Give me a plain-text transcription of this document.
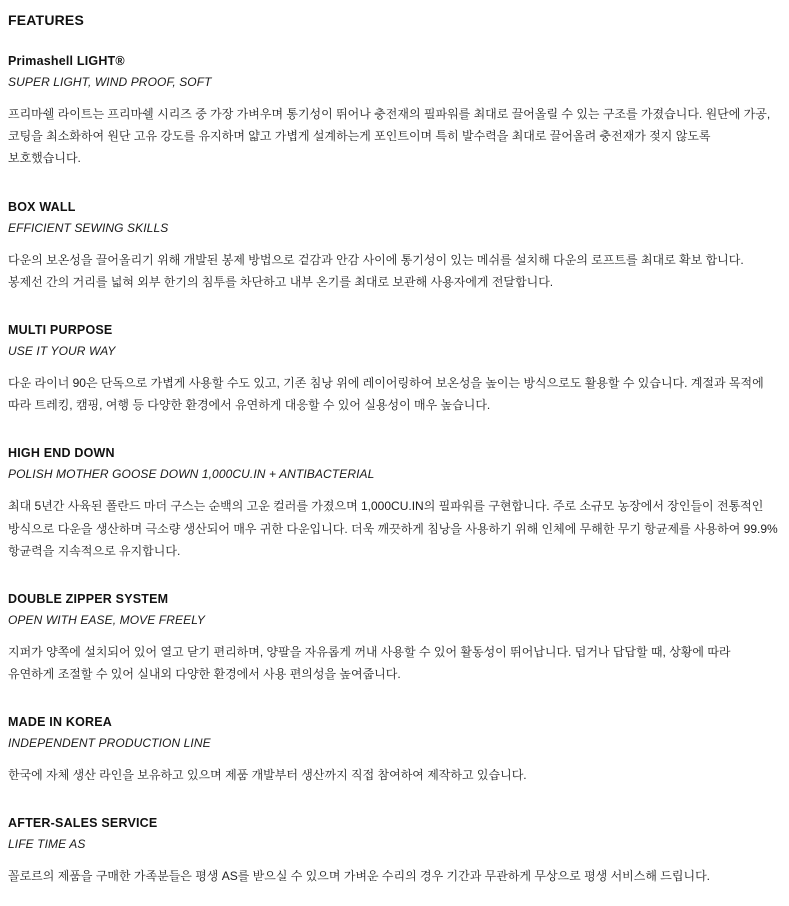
FEATURES
Primashell LIGHT®
SUPER LIGHT, WIND PROOF, SOFT

프리마쉘 라이트는 프리마쉘 시리즈 중 가장 가벼우며 통기성이 뛰어나 충전재의 필파워를 최대로 끌어올릴 수 있는 구조를 가졌습니다. 원단에 가공, 코팅을 최소화하여 원단 고유 강도를 유지하며 얇고 가볍게 설계하는게 포인트이며 특히 발수력을 최대로 끌어올려 충전재가 젖지 않도록 보호했습니다.

BOX WALL
EFFICIENT SEWING SKILLS

다운의 보온성을 끌어올리기 위해 개발된 봉제 방법으로 겉감과 안감 사이에 통기성이 있는 메쉬를 설치해 다운의 로프트를 최대로 확보 합니다. 봉제선 간의 거리를 넓혀 외부 한기의 침투를 차단하고 내부 온기를 최대로 보관해 사용자에게 전달합니다.

MULTI PURPOSE
USE IT YOUR WAY

다운 라이너 90은 단독으로 가볍게 사용할 수도 있고, 기존 침낭 위에 레이어링하여 보온성을 높이는 방식으로도 활용할 수 있습니다. 계절과 목적에 따라 트레킹, 캠핑, 여행 등 다양한 환경에서 유연하게 대응할 수 있어 실용성이 매우 높습니다.

HIGH END DOWN
POLISH MOTHER GOOSE DOWN 1,000CU.IN + ANTIBACTERIAL

최대 5년간 사육된 폴란드 마더 구스는 순백의 고운 컬러를 가졌으며 1,000CU.IN의 필파워를 구현합니다. 주로 소규모 농장에서 장인들이 전통적인 방식으로 다운을 생산하며 극소량 생산되어 매우 귀한 다운입니다. 더욱 깨끗하게 침낭을 사용하기 위해 인체에 무해한 무기 항균제를 사용하여 99.9% 항균력을 지속적으로 유지합니다.

DOUBLE ZIPPER SYSTEM
OPEN WITH EASE, MOVE FREELY

지퍼가 양쪽에 설치되어 있어 열고 닫기 편리하며, 양팔을 자유롭게 꺼내 사용할 수 있어 활동성이 뛰어납니다. 덥거나 답답할 때, 상황에 따라 유연하게 조절할 수 있어 실내외 다양한 환경에서 사용 편의성을 높여줍니다.

MADE IN KOREA
INDEPENDENT PRODUCTION LINE

한국에 자체 생산 라인을 보유하고 있으며 제품 개발부터 생산까지 직접 참여하여 제작하고 있습니다.

AFTER-SALES SERVICE
LIFE TIME AS

꼴로르의 제품을 구매한 가족분들은 평생 AS를 받으실 수 있으며 가벼운 수리의 경우 기간과 무관하게 무상으로 평생 서비스해 드립니다.
